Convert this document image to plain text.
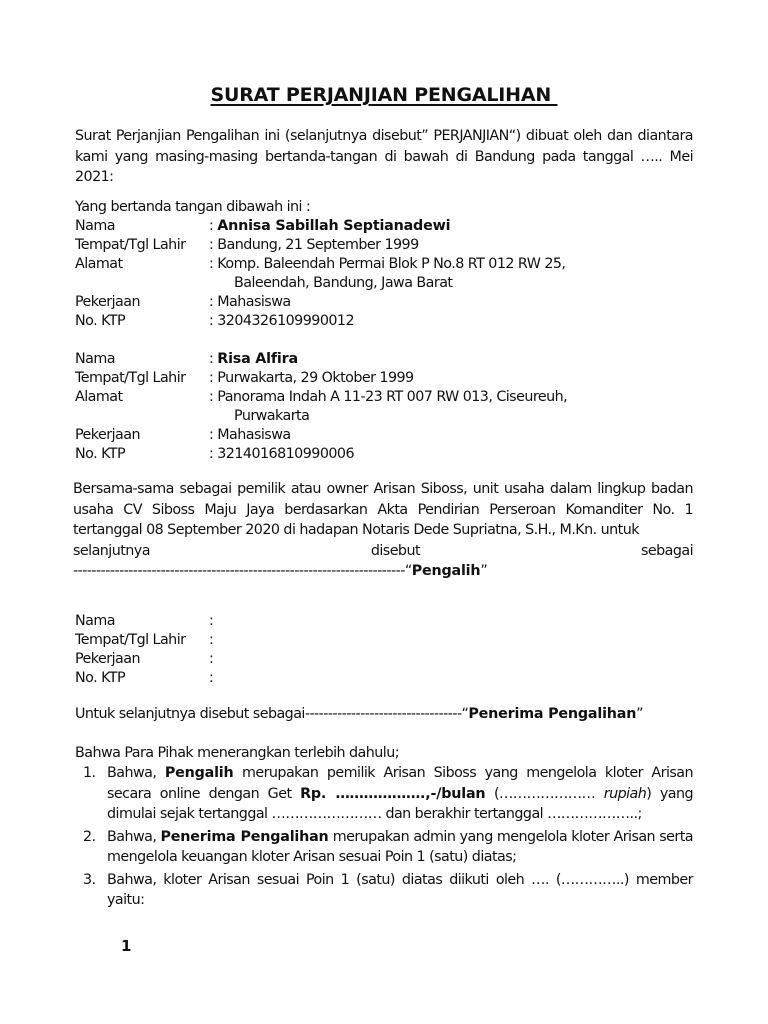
SURAT PERJANJIAN PENGALIHAN
Surat Perjanjian Pengalihan ini (selanjutnya disebut” PERJANJIAN“) dibuat oleh dan diantara kami yang masing-masing bertanda-tangan di bawah di Bandung pada tanggal ….. Mei 2021:
Yang bertanda tangan dibawah ini :
Nama	: Annisa Sabillah Septianadewi
Tempat/Tgl Lahir : Bandung, 21 September 1999
Alamat	: Komp. Baleendah Permai Blok P No.8 RT 012 RW 25,
Baleendah, Bandung, Jawa Barat
Pekerjaan	: Mahasiswa
No. KTP	: 3204326109990012
Nama	: Risa Alfira
Tempat/Tgl Lahir : Purwakarta, 29 Oktober 1999
Alamat	: Panorama Indah A 11-23 RT 007 RW 013, Ciseureuh,
Purwakarta
Pekerjaan	: Mahasiswa
No. KTP	: 3214016810990006
Bersama-sama sebagai pemilik atau owner Arisan Siboss, unit usaha dalam lingkup badan usaha CV Siboss Maju Jaya berdasarkan Akta Pendirian Perseroan Komanditer No. 1 tertanggal 08 September 2020 di hadapan Notaris Dede Supriatna, S.H., M.Kn. untuk
selanjutnya	disebut	sebagai
------------------------------------------------------------------------“Pengalih”
Nama	:
Tempat/Tgl Lahir :
Pekerjaan	:
No. KTP	:
Untuk selanjutnya disebut sebagai----------------------------------“Penerima Pengalihan”
Bahwa Para Pihak menerangkan terlebih dahulu;
1. Bahwa, Pengalih merupakan pemilik Arisan Siboss yang mengelola kloter Arisan secara online dengan Get Rp. ……………….,-/bulan (………………… rupiah) yang dimulai sejak tertanggal …………………… dan berakhir tertanggal ………………..;
2. Bahwa, Penerima Pengalihan merupakan admin yang mengelola kloter Arisan serta mengelola keuangan kloter Arisan sesuai Poin 1 (satu) diatas;
3. Bahwa, kloter Arisan sesuai Poin 1 (satu) diatas diikuti oleh …. (…………..) member yaitu:
1
